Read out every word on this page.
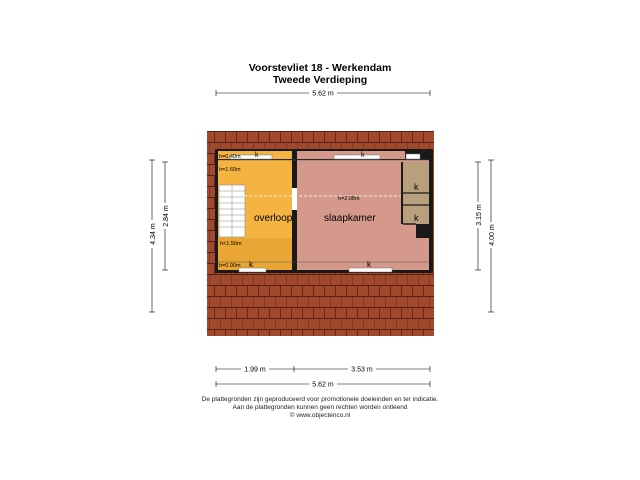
Voorstevliet 18 - Werkendam
Tweede Verdieping
overloop	slaapkamer
h=0.40m
h=1.60m
h<1.50m
h=0.90m
h=2.08m
k	k
k
k
k	k
5.62 m
4.34 m
2.84 m	3.15 m
4.00 m
1.99 m	3.53 m
5.62 m
De plattegronden zijn geproduceerd voor promotionele doeleinden en ter indicatie.
Aan de plattegronden kunnen geen rechten worden ontleend
© www.objectenco.nl
